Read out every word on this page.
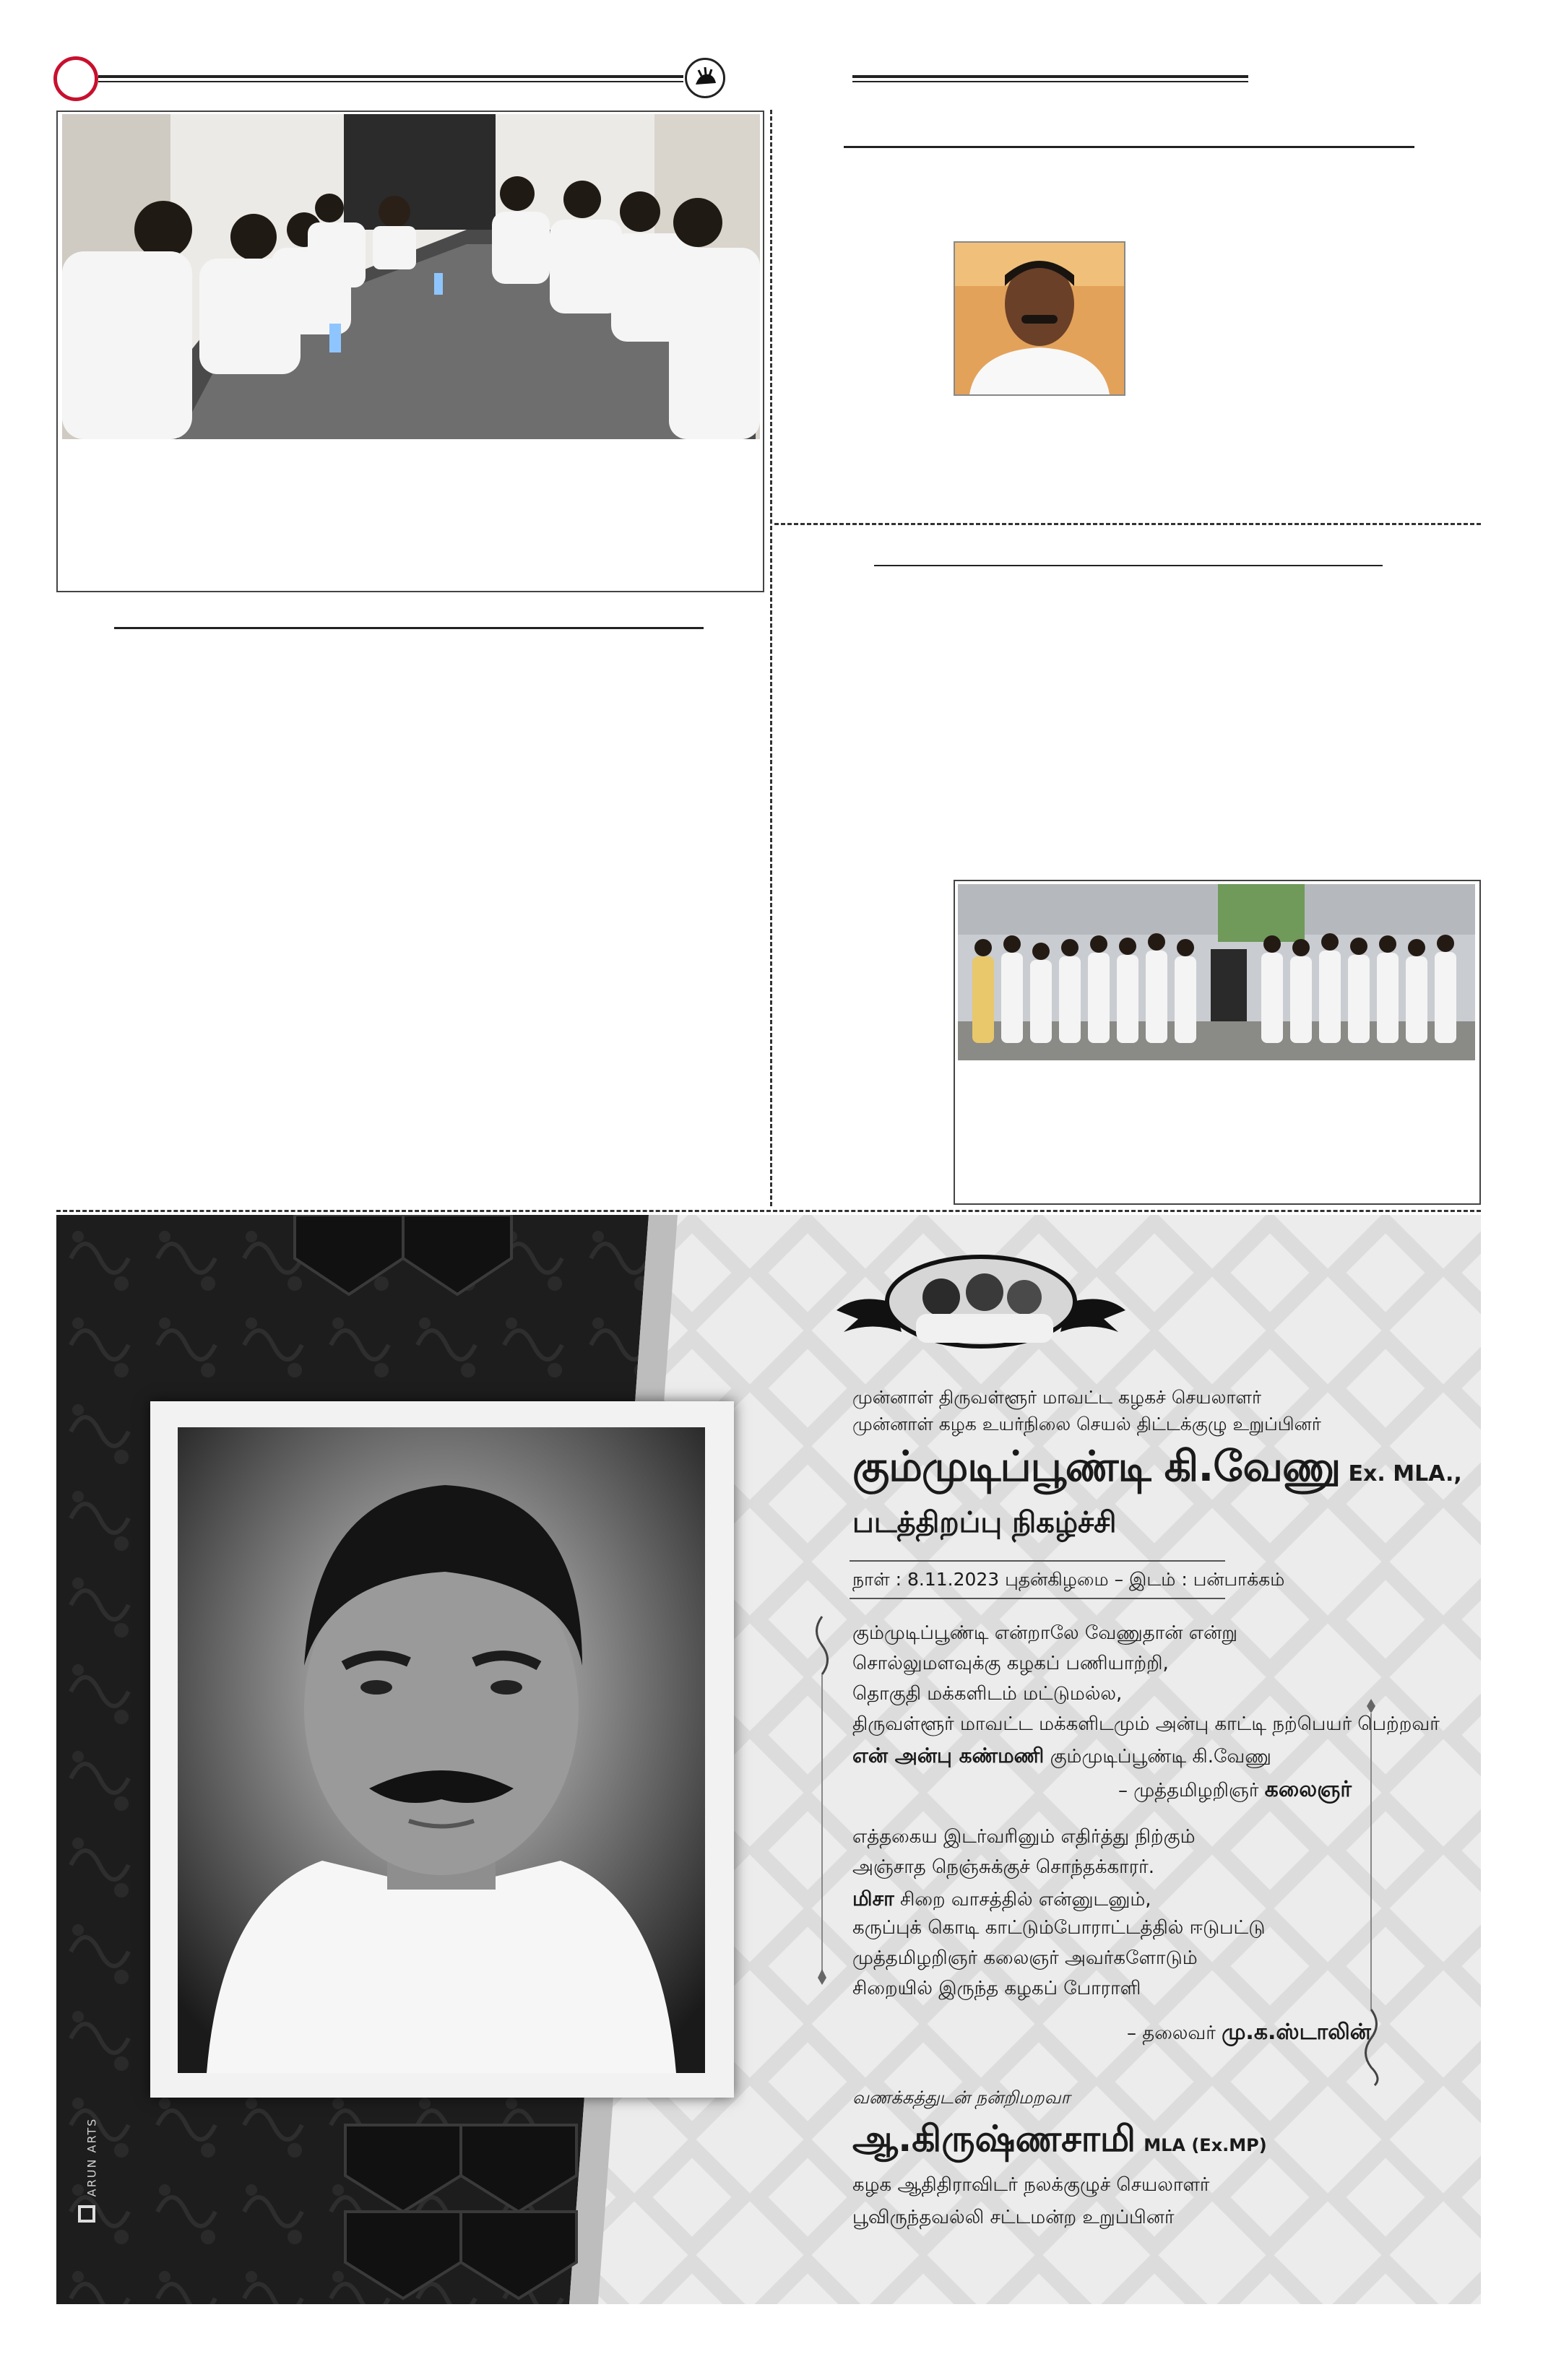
ARUN ARTS
முன்னாள் திருவள்ளூர் மாவட்ட கழகச் செயலாளர்
முன்னாள் கழக உயர்நிலை செயல் திட்டக்குழு உறுப்பினர்
கும்முடிப்பூண்டி கி.வேணு Ex. MLA.,
படத்திறப்பு நிகழ்ச்சி
நாள் : 8.11.2023 புதன்கிழமை – இடம் : பன்பாக்கம்
கும்முடிப்பூண்டி என்றாலே வேணுதான் என்று
சொல்லுமளவுக்கு கழகப் பணியாற்றி,
தொகுதி மக்களிடம் மட்டுமல்ல,
திருவள்ளூர் மாவட்ட மக்களிடமும் அன்பு காட்டி நற்பெயர் பெற்றவர்
என் அன்பு கண்மணி கும்முடிப்பூண்டி கி.வேணு
– முத்தமிழறிஞர் கலைஞர்
எத்தகைய இடர்வரினும் எதிர்த்து நிற்கும்
அஞ்சாத நெஞ்சுக்குச் சொந்தக்காரர்.
மிசா சிறை வாசத்தில் என்னுடனும்,
கருப்புக் கொடி காட்டும்போராட்டத்தில் ஈடுபட்டு
முத்தமிழறிஞர் கலைஞர் அவர்களோடும்
சிறையில் இருந்த கழகப் போராளி
– தலைவர் மு.க.ஸ்டாலின்
வணக்கத்துடன் நன்றிமறவா
ஆ.கிருஷ்ணசாமி MLA (Ex.MP)
கழக ஆதிதிராவிடர் நலக்குழுச் செயலாளர்
பூவிருந்தவல்லி சட்டமன்ற உறுப்பினர்
